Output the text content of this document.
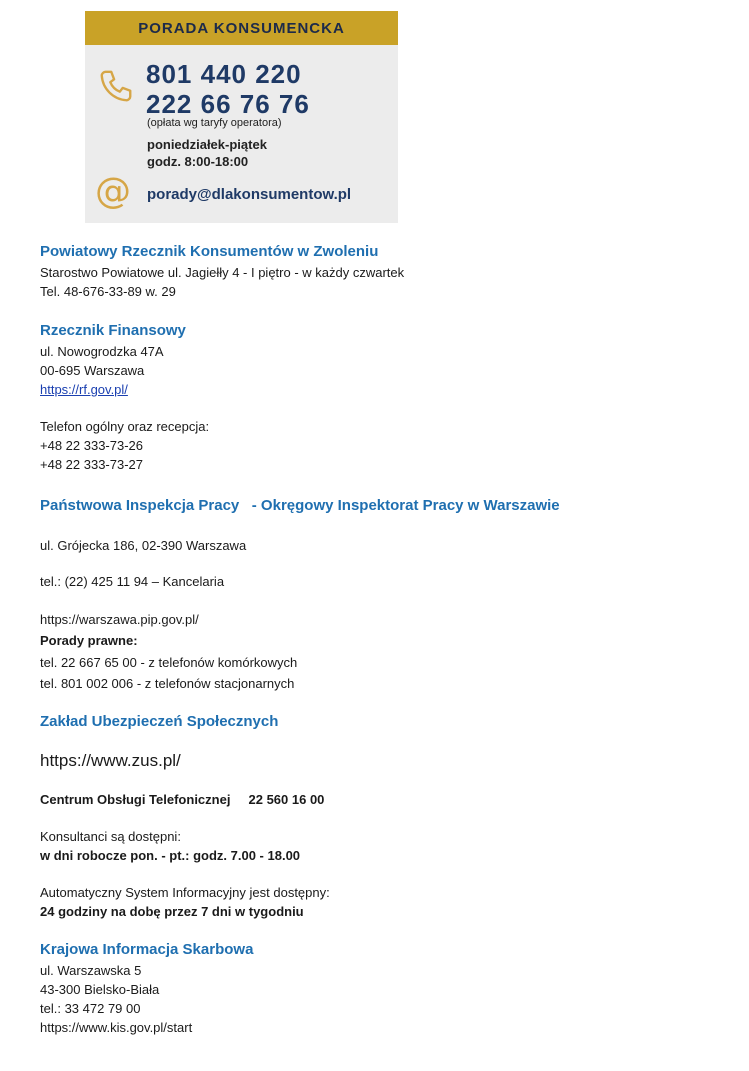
PORADA KONSUMENCKA
801 440 220
222 66 76 76
(opłata wg taryfy operatora)
poniedziałek-piątek
godz. 8:00-18:00
@ porady@dlakonsumentow.pl
Powiatowy Rzecznik Konsumentów w Zwoleniu
Starostwo Powiatowe ul. Jagiełły 4 - I piętro - w każdy czwartek
Tel. 48-676-33-89 w. 29
Rzecznik Finansowy
ul. Nowogrodzka 47A
00-695 Warszawa
https://rf.gov.pl/
Telefon ogólny oraz recepcja:
+48 22 333-73-26
+48 22 333-73-27
Państwowa Inspekcja Pracy   - Okręgowy Inspektorat Pracy w Warszawie
ul. Grójecka 186, 02-390 Warszawa
tel.: (22) 425 11 94 – Kancelaria
https://warszawa.pip.gov.pl/
Porady prawne:
tel. 22 667 65 00 - z telefonów komórkowych
tel. 801 002 006 - z telefonów stacjonarnych
Zakład Ubezpieczeń Społecznych
https://www.zus.pl/
Centrum Obsługi Telefonicznej     22 560 16 00
Konsultanci są dostępni:
w dni robocze pon. - pt.: godz. 7.00 - 18.00
Automatyczny System Informacyjny jest dostępny:
24 godziny na dobę przez 7 dni w tygodniu
Krajowa Informacja Skarbowa
ul. Warszawska 5
43-300 Bielsko-Biała
tel.: 33 472 79 00
https://www.kis.gov.pl/start
